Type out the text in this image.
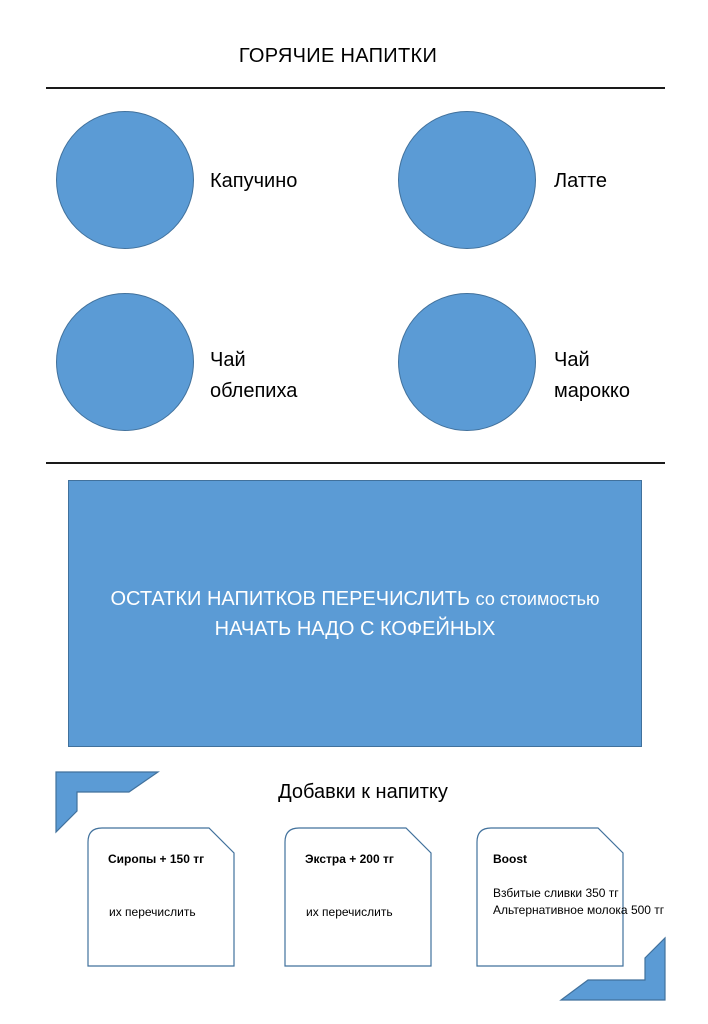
ГОРЯЧИЕ НАПИТКИ
Капучино	Латте
Чай
облепиха
Чай
марокко
ОСТАТКИ НАПИТКОВ ПЕРЕЧИСЛИТЬ со стоимостью
НАЧАТЬ НАДО С КОФЕЙНЫХ
Добавки к напитку
Сиропы + 150 тг
их перечислить
Экстра + 200 тг
их перечислить
Boost
Взбитые сливки 350 тг
Альтернативное молока 500 тг
